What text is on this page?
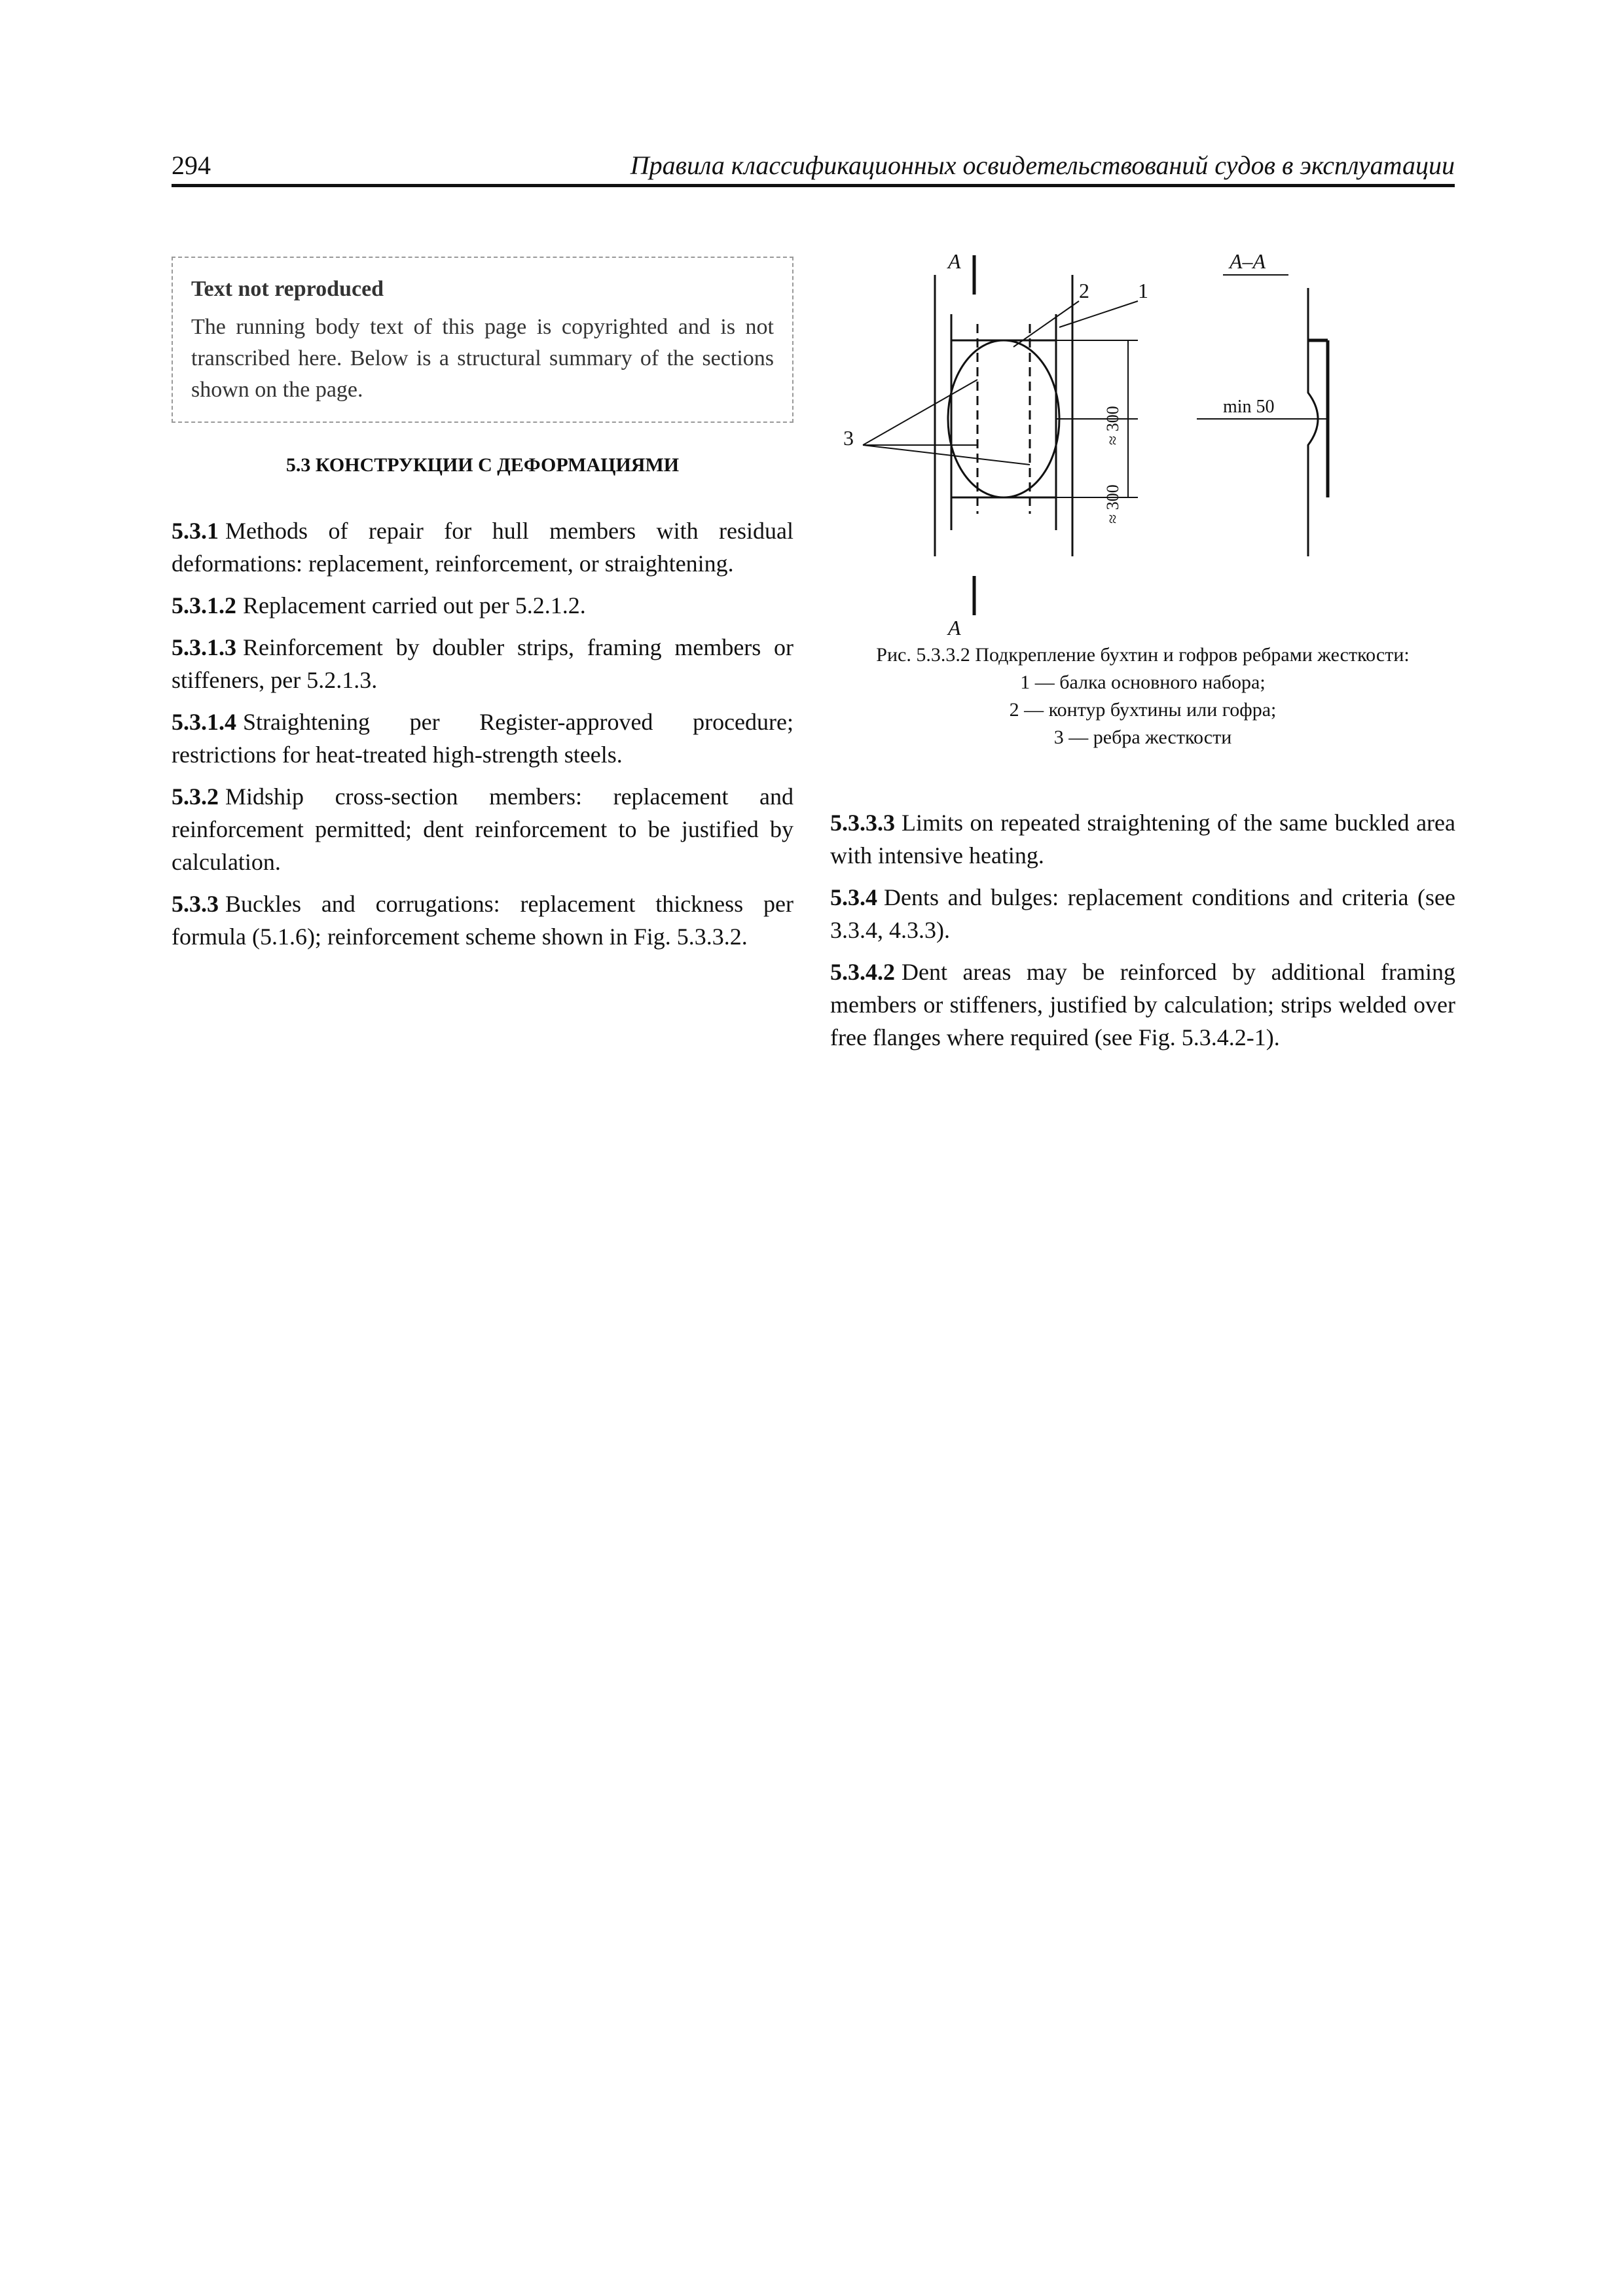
294	Правила классификационных освидетельствований судов в эксплуатации
Text not reproduced
The running body text of this page is copyrighted and is not transcribed here. Below is a structural summary of the sections shown on the page.
5.3 КОНСТРУКЦИИ С ДЕФОРМАЦИЯМИ
5.3.1 Methods of repair for hull members with residual deformations: replacement, reinforcement, or straightening.
5.3.1.2 Replacement carried out per 5.2.1.2.
5.3.1.3 Reinforcement by doubler strips, framing members or stiffeners, per 5.2.1.3.
5.3.1.4 Straightening per Register-approved procedure; restrictions for heat-treated high-strength steels.
5.3.2 Midship cross-section members: replacement and reinforcement permitted; dent reinforcement to be justified by calculation.
5.3.3 Buckles and corrugations: replacement thickness per formula (5.1.6); reinforcement scheme shown in Fig. 5.3.3.2.
A
A
A–A
1
2
3
min 50
≈ 300
≈ 300
Рис. 5.3.3.2 Подкрепление бухтин и гофров ребрами жесткости:
1 — балка основного набора;
2 — контур бухтины или гофра;
3 — ребра жесткости
5.3.3.3 Limits on repeated straightening of the same buckled area with intensive heating.
5.3.4 Dents and bulges: replacement conditions and criteria (see 3.3.4, 4.3.3).
5.3.4.2 Dent areas may be reinforced by additional framing members or stiffeners, justified by calculation; strips welded over free flanges where required (see Fig. 5.3.4.2-1).
